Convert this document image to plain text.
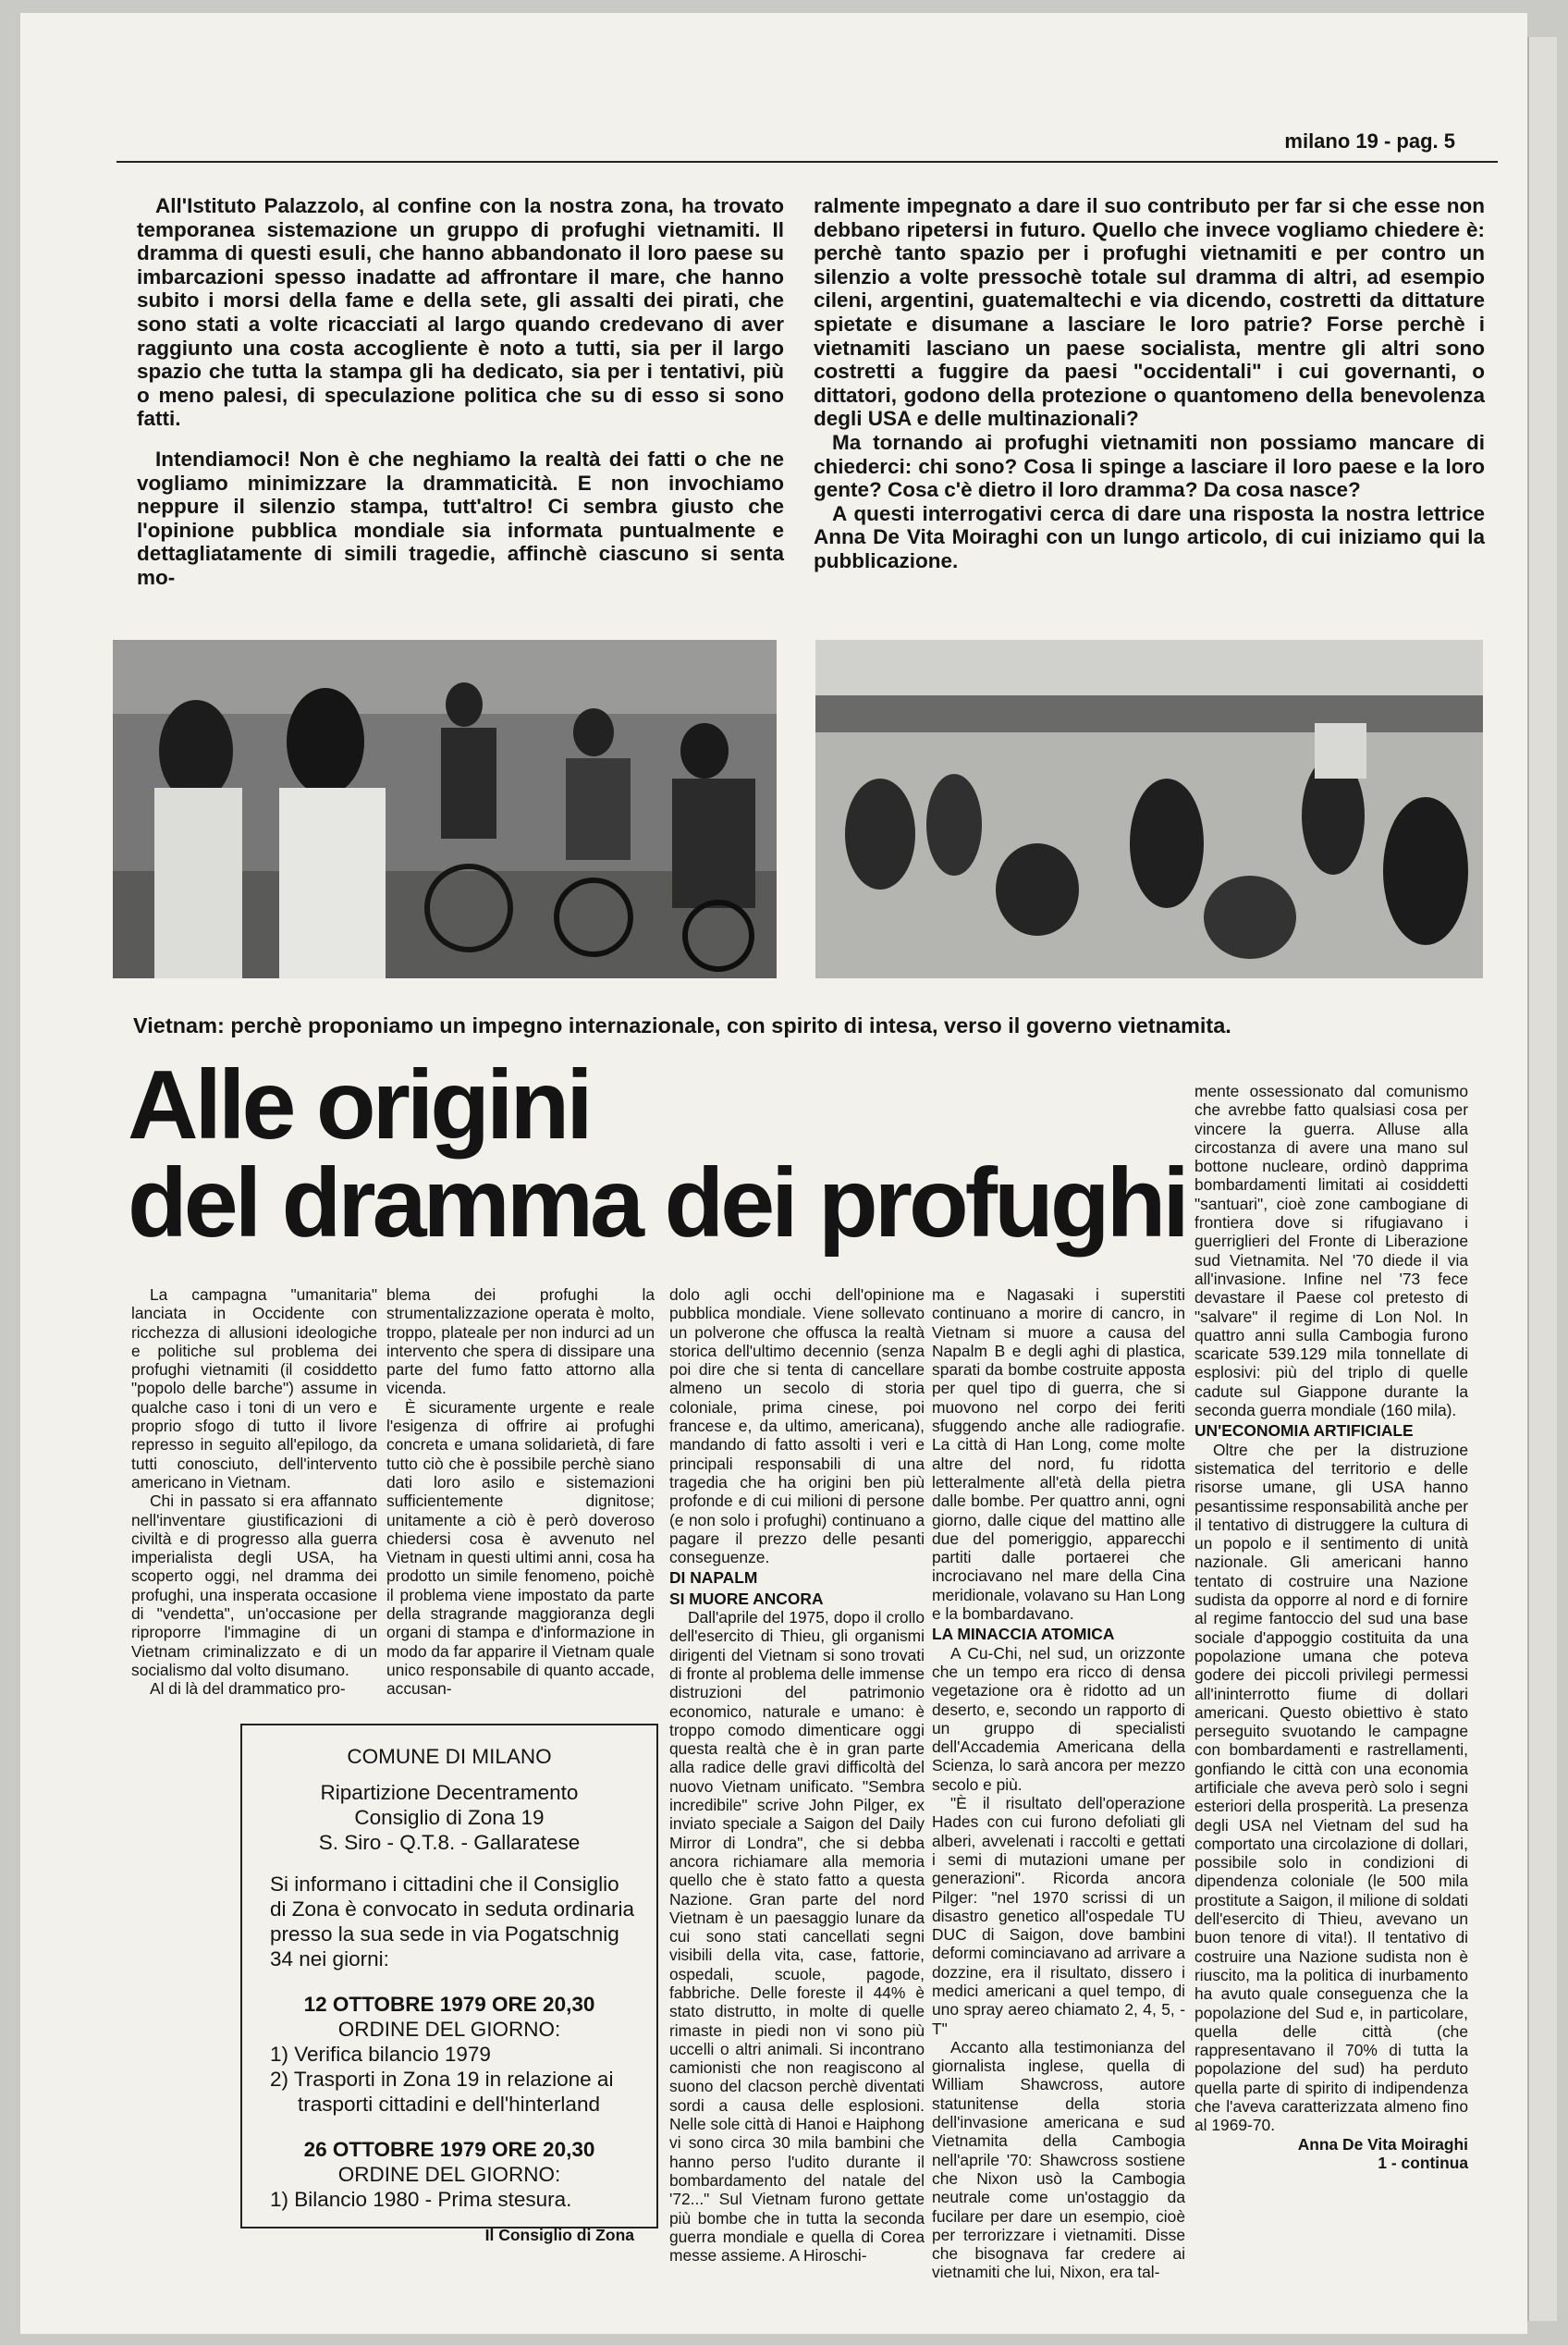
milano 19 - pag. 5

All'Istituto Palazzolo, al confine con la nostra zona, ha trovato temporanea sistemazione un gruppo di profughi vietnamiti. Il dramma di questi esuli, che hanno abbandonato il loro paese su imbarcazioni spesso inadatte ad affrontare il mare, che hanno subito i morsi della fame e della sete, gli assalti dei pirati, che sono stati a volte ricacciati al largo quando credevano di aver raggiunto una costa accogliente è noto a tutti, sia per il largo spazio che tutta la stampa gli ha dedicato, sia per i tentativi, più o meno palesi, di speculazione politica che su di esso si sono fatti.

Intendiamoci! Non è che neghiamo la realtà dei fatti o che ne vogliamo minimizzare la drammaticità. E non invochiamo neppure il silenzio stampa, tutt'altro! Ci sembra giusto che l'opinione pubblica mondiale sia informata puntualmente e dettagliatamente di simili tragedie, affinchè ciascuno si senta mo-

ralmente impegnato a dare il suo contributo per far si che esse non debbano ripetersi in futuro. Quello che invece vogliamo chiedere è: perchè tanto spazio per i profughi vietnamiti e per contro un silenzio a volte pressochè totale sul dramma di altri, ad esempio cileni, argentini, guatemaltechi e via dicendo, costretti da dittature spietate e disumane a lasciare le loro patrie? Forse perchè i vietnamiti lasciano un paese socialista, mentre gli altri sono costretti a fuggire da paesi "occidentali" i cui governanti, o dittatori, godono della protezione o quantomeno della benevolenza degli USA e delle multinazionali?

Ma tornando ai profughi vietnamiti non possiamo mancare di chiederci: chi sono? Cosa li spinge a lasciare il loro paese e la loro gente? Cosa c'è dietro il loro dramma? Da cosa nasce?

A questi interrogativi cerca di dare una risposta la nostra lettrice Anna De Vita Moiraghi con un lungo articolo, di cui iniziamo qui la pubblicazione.

Vietnam: perchè proponiamo un impegno internazionale, con spirito di intesa, verso il governo vietnamita.
Alle origini
del dramma dei profughi

La campagna "umanitaria" lanciata in Occidente con ricchezza di allusioni ideologiche e politiche sul problema dei profughi vietnamiti (il cosiddetto "popolo delle barche") assume in qualche caso i toni di un vero e proprio sfogo di tutto il livore represso in seguito all'epilogo, da tutti conosciuto, dell'intervento americano in Vietnam.

Chi in passato si era affannato nell'inventare giustificazioni di civiltà e di progresso alla guerra imperialista degli USA, ha scoperto oggi, nel dramma dei profughi, una insperata occasione di "vendetta", un'occasione per riproporre l'immagine di un Vietnam criminalizzato e di un socialismo dal volto disumano.

Al di là del drammatico pro-

blema dei profughi la strumentalizzazione operata è molto, troppo, plateale per non indurci ad un intervento che spera di dissipare una parte del fumo fatto attorno alla vicenda.

È sicuramente urgente e reale l'esigenza di offrire ai profughi concreta e umana solidarietà, di fare tutto ciò che è possibile perchè siano dati loro asilo e sistemazioni sufficientemente dignitose; unitamente a ciò è però doveroso chiedersi cosa è avvenuto nel Vietnam in questi ultimi anni, cosa ha prodotto un simile fenomeno, poichè il problema viene impostato da parte della stragrande maggioranza degli organi di stampa e d'informazione in modo da far apparire il Vietnam quale unico responsabile di quanto accade, accusan-

dolo agli occhi dell'opinione pubblica mondiale. Viene sollevato un polverone che offusca la realtà storica dell'ultimo decennio (senza poi dire che si tenta di cancellare almeno un secolo di storia coloniale, prima cinese, poi francese e, da ultimo, americana), mandando di fatto assolti i veri e principali responsabili di una tragedia che ha origini ben più profonde e di cui milioni di persone (e non solo i profughi) continuano a pagare il prezzo delle pesanti conseguenze.

DI NAPALM
SI MUORE ANCORA

Dall'aprile del 1975, dopo il crollo dell'esercito di Thieu, gli organismi dirigenti del Vietnam si sono trovati di fronte al problema delle immense distruzioni del patrimonio economico, naturale e umano: è troppo comodo dimenticare oggi questa realtà che è in gran parte alla radice delle gravi difficoltà del nuovo Vietnam unificato. "Sembra incredibile" scrive John Pilger, ex inviato speciale a Saigon del Daily Mirror di Londra", che si debba ancora richiamare alla memoria quello che è stato fatto a questa Nazione. Gran parte del nord Vietnam è un paesaggio lunare da cui sono stati cancellati segni visibili della vita, case, fattorie, ospedali, scuole, pagode, fabbriche. Delle foreste il 44% è stato distrutto, in molte di quelle rimaste in piedi non vi sono più uccelli o altri animali. Si incontrano camionisti che non reagiscono al suono del clacson perchè diventati sordi a causa delle esplosioni. Nelle sole città di Hanoi e Haiphong vi sono circa 30 mila bambini che hanno perso l'udito durante il bombardamento del natale del '72..." Sul Vietnam furono gettate più bombe che in tutta la seconda guerra mondiale e quella di Corea messe assieme. A Hiroschi-

ma e Nagasaki i superstiti continuano a morire di cancro, in Vietnam si muore a causa del Napalm B e degli aghi di plastica, sparati da bombe costruite apposta per quel tipo di guerra, che si muovono nel corpo dei feriti sfuggendo anche alle radiografie. La città di Han Long, come molte altre del nord, fu ridotta letteralmente all'età della pietra dalle bombe. Per quattro anni, ogni giorno, dalle cique del mattino alle due del pomeriggio, apparecchi partiti dalle portaerei che incrociavano nel mare della Cina meridionale, volavano su Han Long e la bombardavano.

LA MINACCIA ATOMICA

A Cu-Chi, nel sud, un orizzonte che un tempo era ricco di densa vegetazione ora è ridotto ad un deserto, e, secondo un rapporto di un gruppo di specialisti dell'Accademia Americana della Scienza, lo sarà ancora per mezzo secolo e più.

"È il risultato dell'operazione Hades con cui furono defoliati gli alberi, avvelenati i raccolti e gettati i semi di mutazioni umane per generazioni". Ricorda ancora Pilger: "nel 1970 scrissi di un disastro genetico all'ospedale TU DUC di Saigon, dove bambini deformi cominciavano ad arrivare a dozzine, era il risultato, dissero i medici americani a quel tempo, di uno spray aereo chiamato 2, 4, 5, - T"

Accanto alla testimonianza del giornalista inglese, quella di William Shawcross, autore statunitense della storia dell'invasione americana e sud Vietnamita della Cambogia nell'aprile '70: Shawcross sostiene che Nixon usò la Cambogia neutrale come un'ostaggio da fucilare per dare un esempio, cioè per terrorizzare i vietnamiti. Disse che bisognava far credere ai vietnamiti che lui, Nixon, era tal-

mente ossessionato dal comunismo che avrebbe fatto qualsiasi cosa per vincere la guerra. Alluse alla circostanza di avere una mano sul bottone nucleare, ordinò dapprima bombardamenti limitati ai cosiddetti "santuari", cioè zone cambogiane di frontiera dove si rifugiavano i guerriglieri del Fronte di Liberazione sud Vietnamita. Nel '70 diede il via all'invasione. Infine nel '73 fece devastare il Paese col pretesto di "salvare" il regime di Lon Nol. In quattro anni sulla Cambogia furono scaricate 539.129 mila tonnellate di esplosivi: più del triplo di quelle cadute sul Giappone durante la seconda guerra mondiale (160 mila).

UN'ECONOMIA ARTIFICIALE

Oltre che per la distruzione sistematica del territorio e delle risorse umane, gli USA hanno pesantissime responsabilità anche per il tentativo di distruggere la cultura di un popolo e il sentimento di unità nazionale. Gli americani hanno tentato di costruire una Nazione sudista da opporre al nord e di fornire al regime fantoccio del sud una base sociale d'appoggio costituita da una popolazione umana che poteva godere dei piccoli privilegi permessi all'ininterrotto fiume di dollari americani. Questo obiettivo è stato perseguito svuotando le campagne con bombardamenti e rastrellamenti, gonfiando le città con una economia artificiale che aveva però solo i segni esteriori della prosperità. La presenza degli USA nel Vietnam del sud ha comportato una circolazione di dollari, possibile solo in condizioni di dipendenza coloniale (le 500 mila prostitute a Saigon, il milione di soldati dell'esercito di Thieu, avevano un buon tenore di vita!). Il tentativo di costruire una Nazione sudista non è riuscito, ma la politica di inurbamento ha avuto quale conseguenza che la popolazione del Sud e, in particolare, quella delle città (che rappresentavano il 70% di tutta la popolazione del sud) ha perduto quella parte di spirito di indipendenza che l'aveva caratterizzata almeno fino al 1969-70.

Anna De Vita Moiraghi

1 - continua

COMUNE DI MILANO

Ripartizione Decentramento

Consiglio di Zona 19

S. Siro - Q.T.8. - Gallaratese

Si informano i cittadini che il Consiglio di Zona è convocato in seduta ordinaria presso la sua sede in via Pogatschnig 34 nei giorni:

12 OTTOBRE 1979 ORE 20,30

ORDINE DEL GIORNO:

1) Verifica bilancio 1979

2) Trasporti in Zona 19 in relazione ai trasporti cittadini e dell'hinterland

26 OTTOBRE 1979 ORE 20,30

ORDINE DEL GIORNO:

1) Bilancio 1980 - Prima stesura.

Il Consiglio di Zona
